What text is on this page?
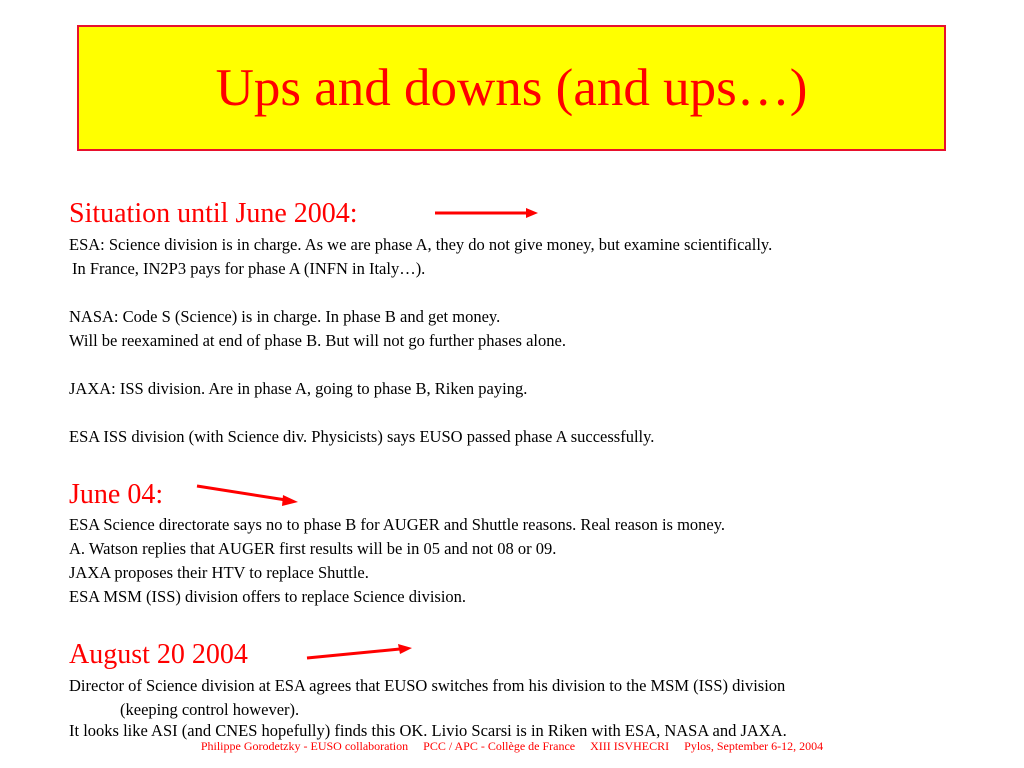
Ups and downs (and ups…)
Situation until June 2004:
ESA: Science division is in charge. As we are phase A, they do not give money, but examine scientifically.
In France, IN2P3 pays for phase A (INFN in Italy…).
NASA: Code S (Science) is in charge. In phase B and get money.
Will be reexamined at end of phase B. But will not go further phases alone.
JAXA: ISS division. Are in phase A, going to phase B, Riken paying.
ESA ISS division (with Science div. Physicists) says EUSO passed phase A successfully.
June 04:
ESA Science directorate says no to phase B for AUGER and Shuttle reasons. Real reason is money.
A. Watson replies that AUGER first results will be in 05 and not 08 or 09.
JAXA proposes their HTV to replace Shuttle.
ESA MSM (ISS) division offers to replace Science division.
August 20 2004
Director of Science division at ESA agrees that EUSO switches from his division to the MSM (ISS) division
(keeping control however).
It looks like ASI (and CNES hopefully) finds this OK. Livio Scarsi is in Riken with ESA, NASA and JAXA.
Philippe Gorodetzky - EUSO collaboration PCC / APC - Collège de France XIII ISVHECRI Pylos, September 6-12, 2004
